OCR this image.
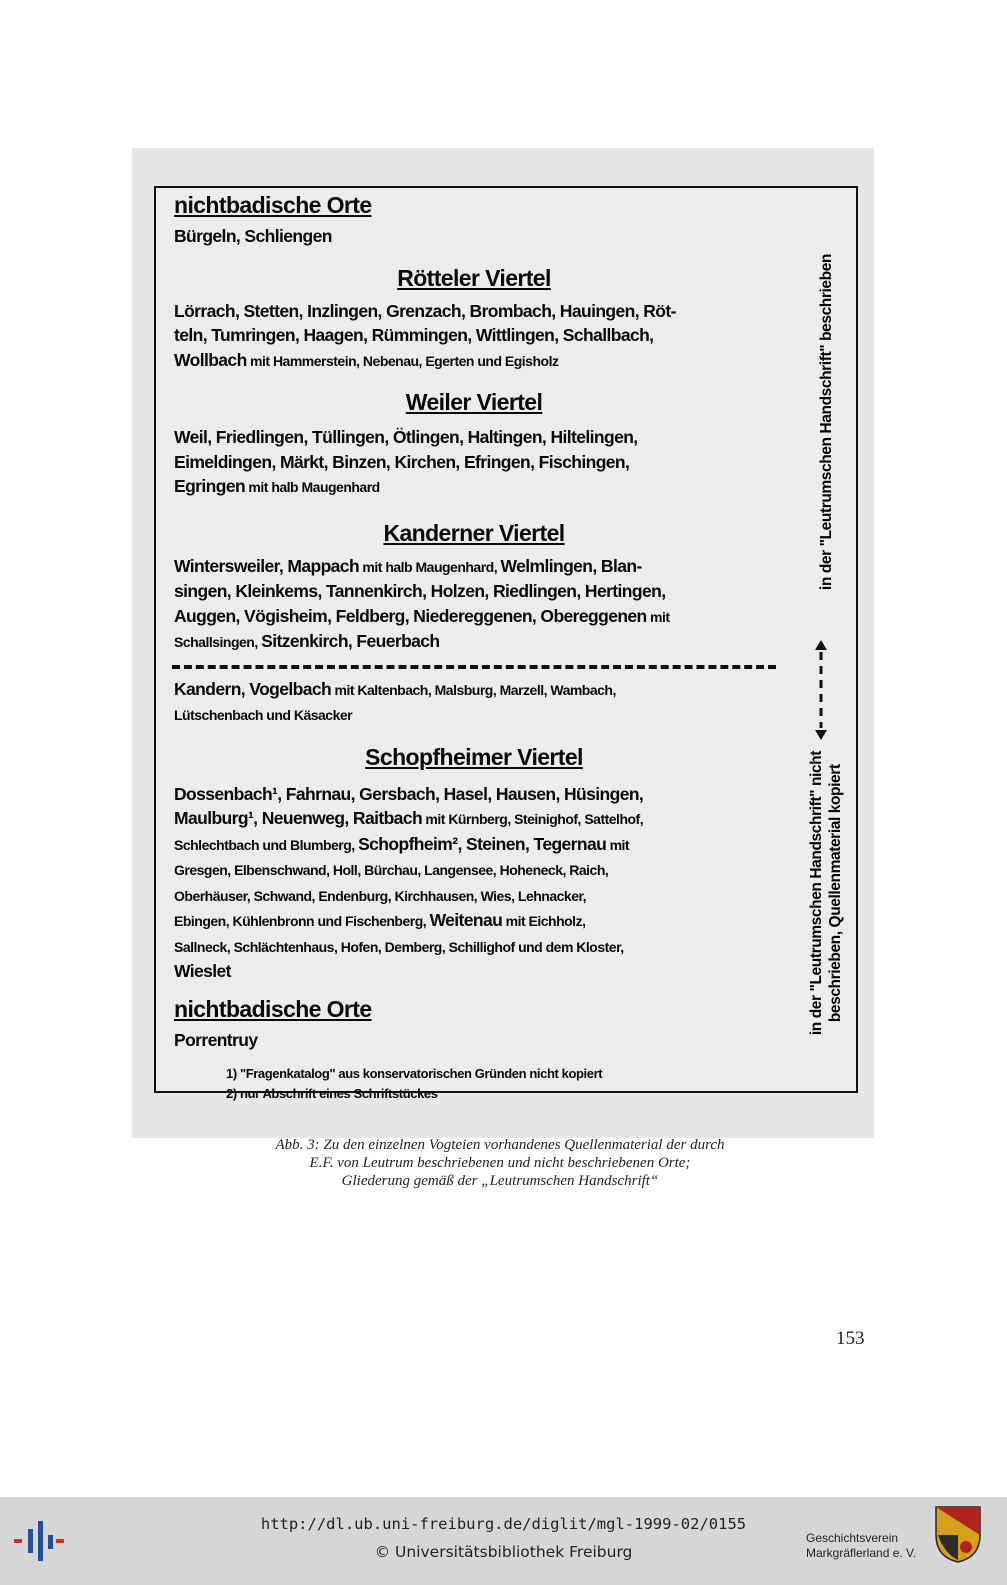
nichtbadische Orte

Bürgeln, Schliengen

Rötteler Viertel

Lörrach, Stetten, Inzlingen, Grenzach, Brombach, Hauingen, Röt-
teln, Tumringen, Haagen, Rümmingen, Wittlingen, Schallbach,
Wollbach mit Hammerstein, Nebenau, Egerten und Egisholz

Weiler Viertel

Weil, Friedlingen, Tüllingen, Ötlingen, Haltingen, Hiltelingen,
Eimeldingen, Märkt, Binzen, Kirchen, Efringen, Fischingen,
Egringen mit halb Maugenhard

Kanderner Viertel

Wintersweiler, Mappach mit halb Maugenhard, Welmlingen, Blan-
singen, Kleinkems, Tannenkirch, Holzen, Riedlingen, Hertingen,
Auggen, Vögisheim, Feldberg, Niedereggenen, Obereggenen mit
Schallsingen, Sitzenkirch, Feuerbach

Kandern, Vogelbach mit Kaltenbach, Malsburg, Marzell, Wambach,
Lütschenbach und Käsacker

Schopfheimer Viertel

Dossenbach¹, Fahrnau, Gersbach, Hasel, Hausen, Hüsingen,
Maulburg¹, Neuenweg, Raitbach mit Kürnberg, Steinighof, Sattelhof,
Schlechtbach und Blumberg, Schopfheim², Steinen, Tegernau mit
Gresgen, Elbenschwand, Holl, Bürchau, Langensee, Hoheneck, Raich,
Oberhäuser, Schwand, Endenburg, Kirchhausen, Wies, Lehnacker,
Ebingen, Kühlenbronn und Fischenberg, Weitenau mit Eichholz,
Sallneck, Schlächtenhaus, Hofen, Demberg, Schillighof und dem Kloster,
Wieslet

nichtbadische Orte

Porrentruy

1) "Fragenkatalog" aus konservatorischen Gründen nicht kopiert
2) nur Abschrift eines Schriftstückes
in der "Leutrumschen Handschrift" beschrieben
in der "Leutrumschen Handschrift" nicht beschrieben, Quellenmaterial kopiert
Abb. 3: Zu den einzelnen Vogteien vorhandenes Quellenmaterial der durch
E.F. von Leutrum beschriebenen und nicht beschriebenen Orte;
Gliederung gemäß der „Leutrumschen Handschrift“
153
http://dl.ub.uni-freiburg.de/diglit/mgl-1999-02/0155
© Universitätsbibliothek Freiburg
Geschichtsverein
Markgräflerland e. V.
